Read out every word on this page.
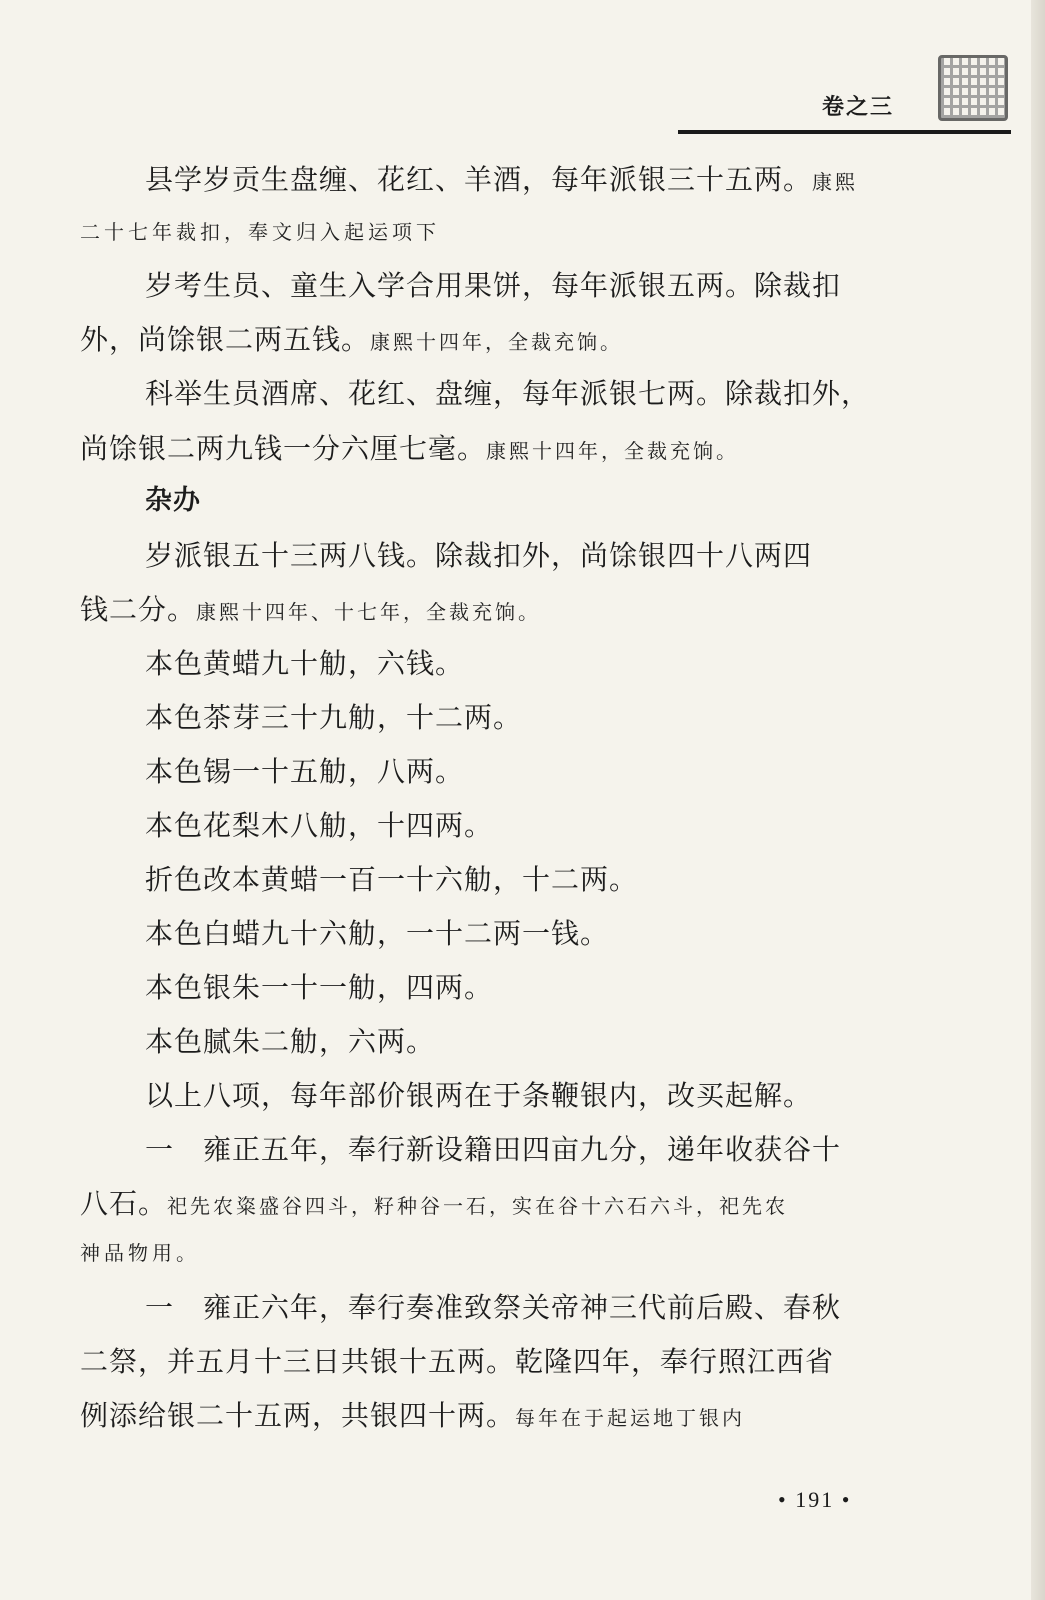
卷之三
县学岁贡生盘缠、花红、羊酒，每年派银三十五两。康熙
二十七年裁扣，奉文归入起运项下
岁考生员、童生入学合用果饼，每年派银五两。除裁扣
外，尚馀银二两五钱。康熙十四年，全裁充饷。
科举生员酒席、花红、盘缠，每年派银七两。除裁扣外，
尚馀银二两九钱一分六厘七毫。康熙十四年，全裁充饷。
杂办
岁派银五十三两八钱。除裁扣外，尚馀银四十八两四
钱二分。康熙十四年、十七年，全裁充饷。
本色黄蜡九十觔，六钱。
本色茶芽三十九觔，十二两。
本色锡一十五觔，八两。
本色花梨木八觔，十四两。
折色改本黄蜡一百一十六觔，十二两。
本色白蜡九十六觔，一十二两一钱。
本色银朱一十一觔，四两。
本色腻朱二觔，六两。
以上八项，每年部价银两在于条鞭银内，改买起解。
一　雍正五年，奉行新设籍田四亩九分，递年收获谷十
八石。祀先农粢盛谷四斗，籽种谷一石，实在谷十六石六斗，祀先农
神品物用。
一　雍正六年，奉行奏准致祭关帝神三代前后殿、春秋
二祭，并五月十三日共银十五两。乾隆四年，奉行照江西省
例添给银二十五两，共银四十两。每年在于起运地丁银内
• 191 •
